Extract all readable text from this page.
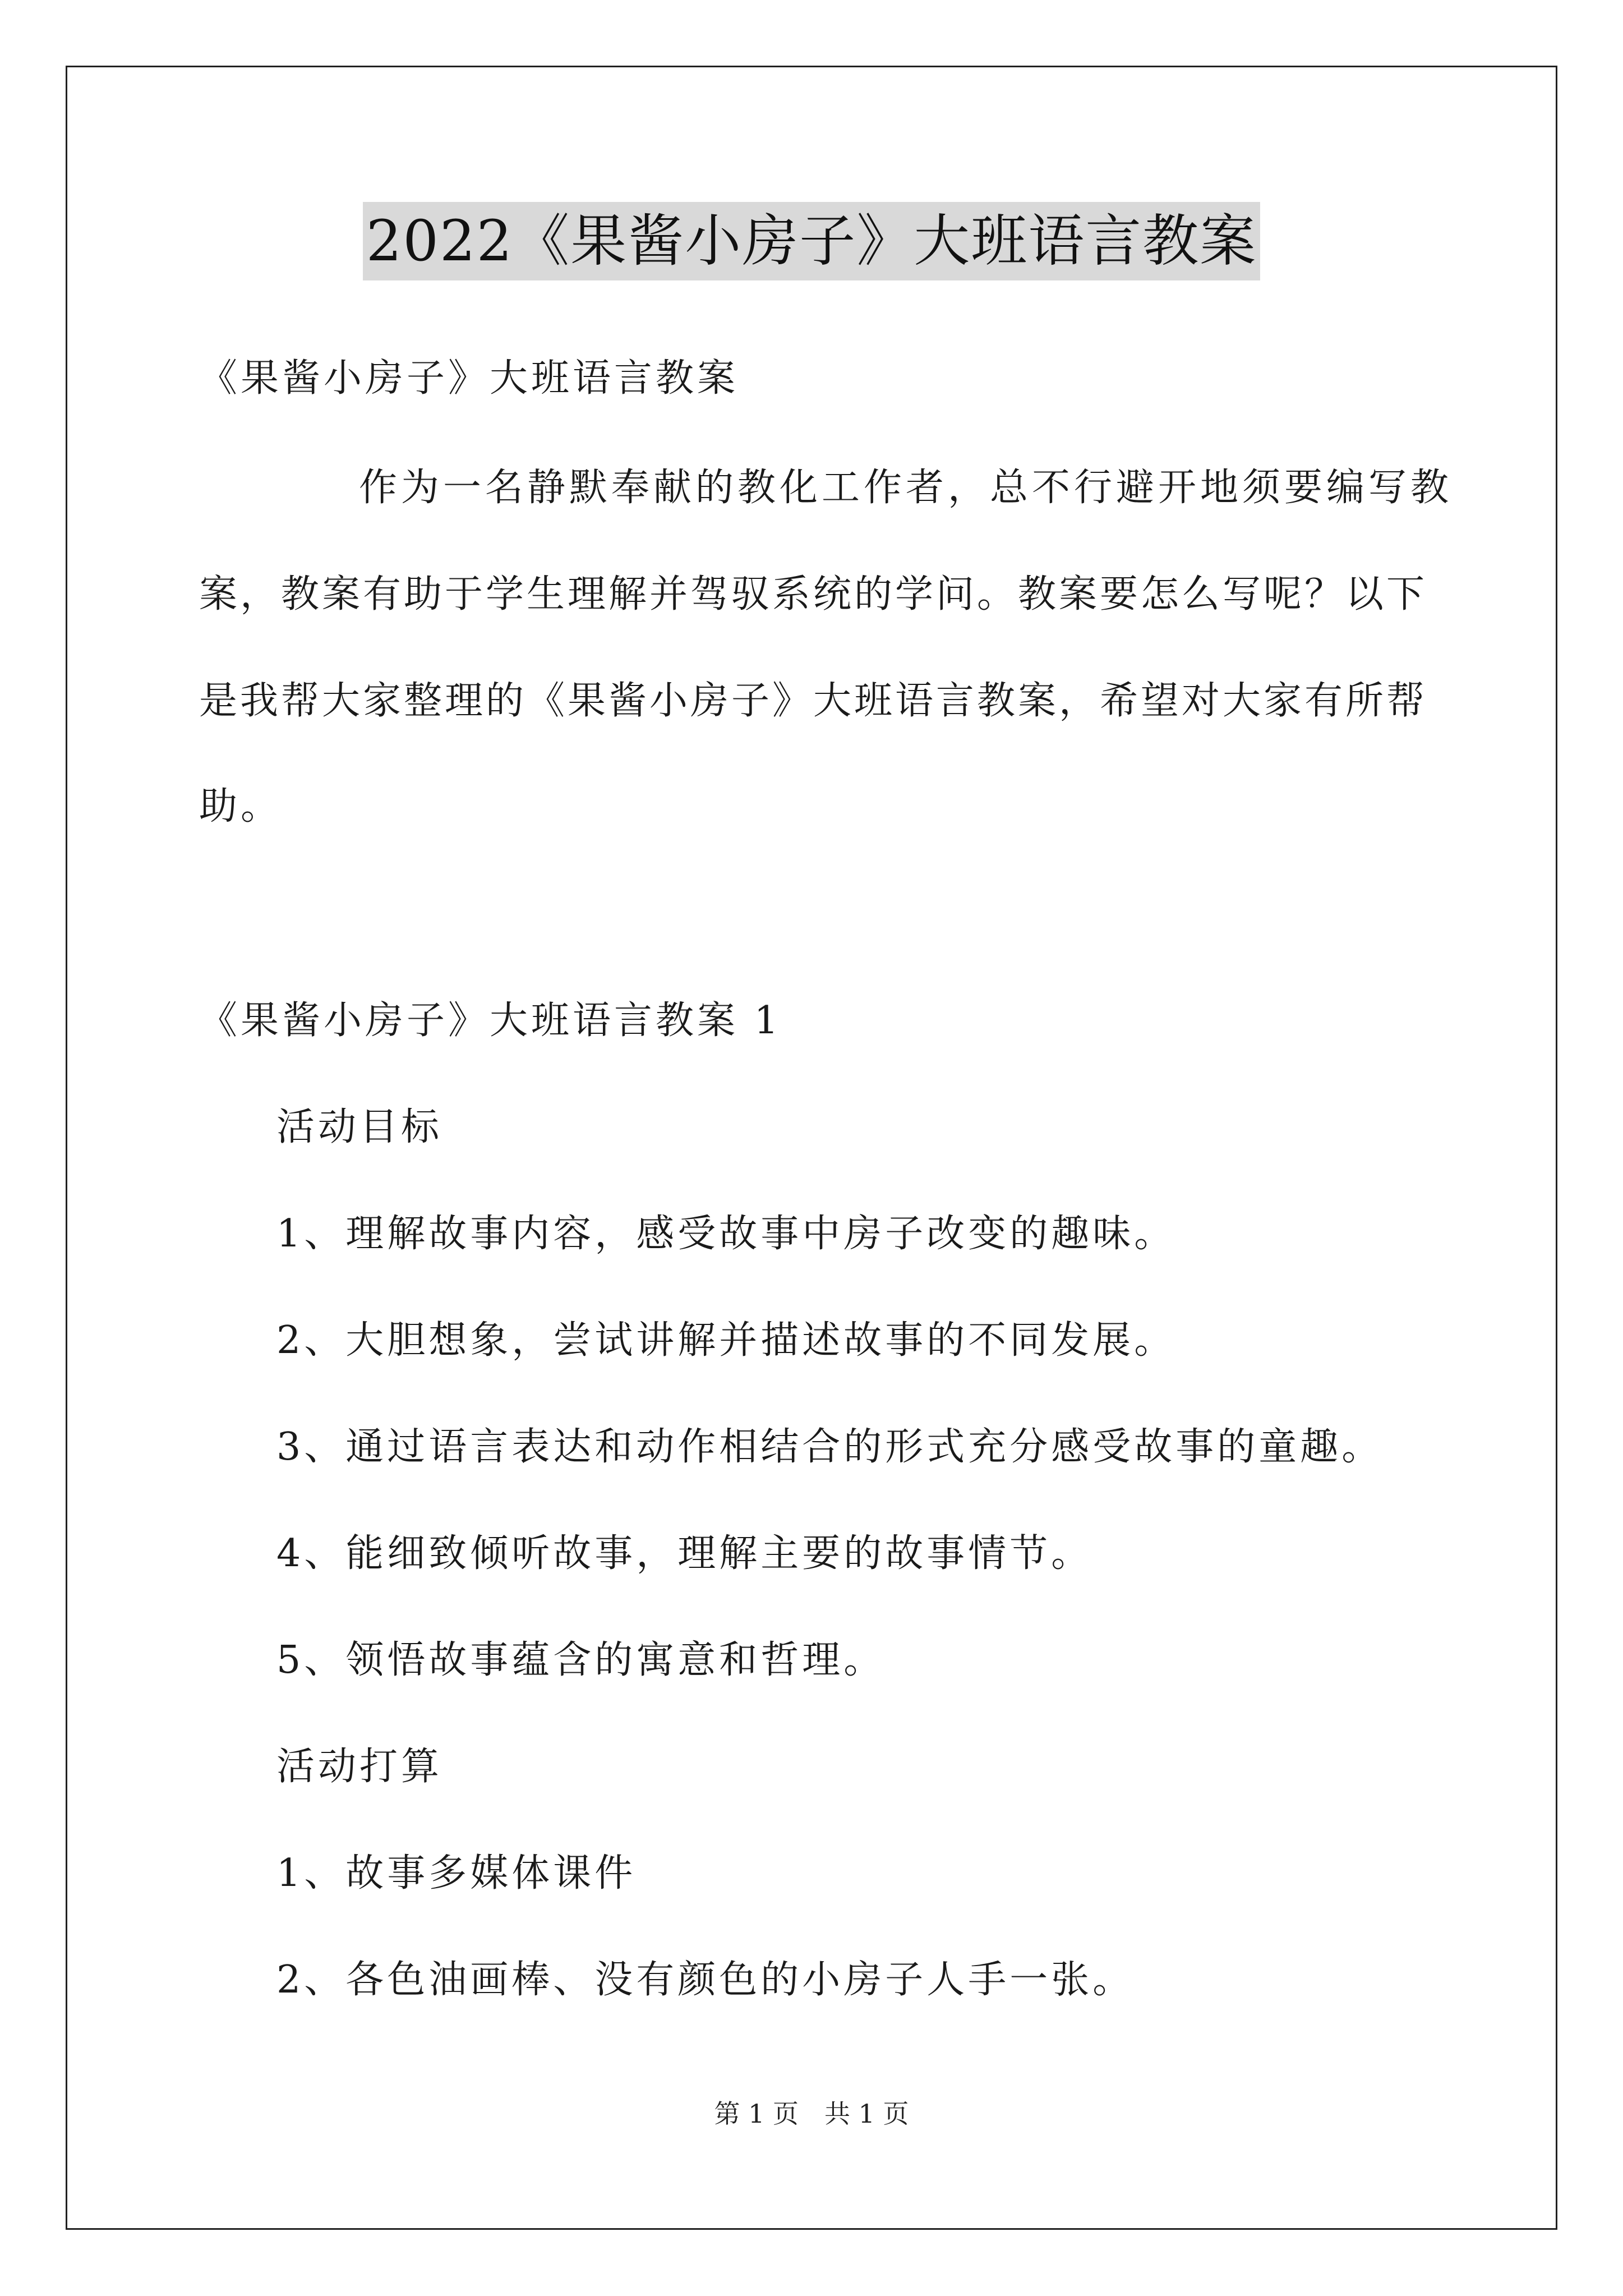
2022《果酱小房子》大班语言教案
《果酱小房子》大班语言教案
作为一名静默奉献的教化工作者，总不行避开地须要编写教
案，教案有助于学生理解并驾驭系统的学问。教案要怎么写呢？以下
是我帮大家整理的《果酱小房子》大班语言教案，希望对大家有所帮
助。
《果酱小房子》大班语言教案 1
活动目标
1、理解故事内容，感受故事中房子改变的趣味。
2、大胆想象，尝试讲解并描述故事的不同发展。
3、通过语言表达和动作相结合的形式充分感受故事的童趣。
4、能细致倾听故事，理解主要的故事情节。
5、领悟故事蕴含的寓意和哲理。
活动打算
1、故事多媒体课件
2、各色油画棒、没有颜色的小房子人手一张。
第 1 页　共 1 页
